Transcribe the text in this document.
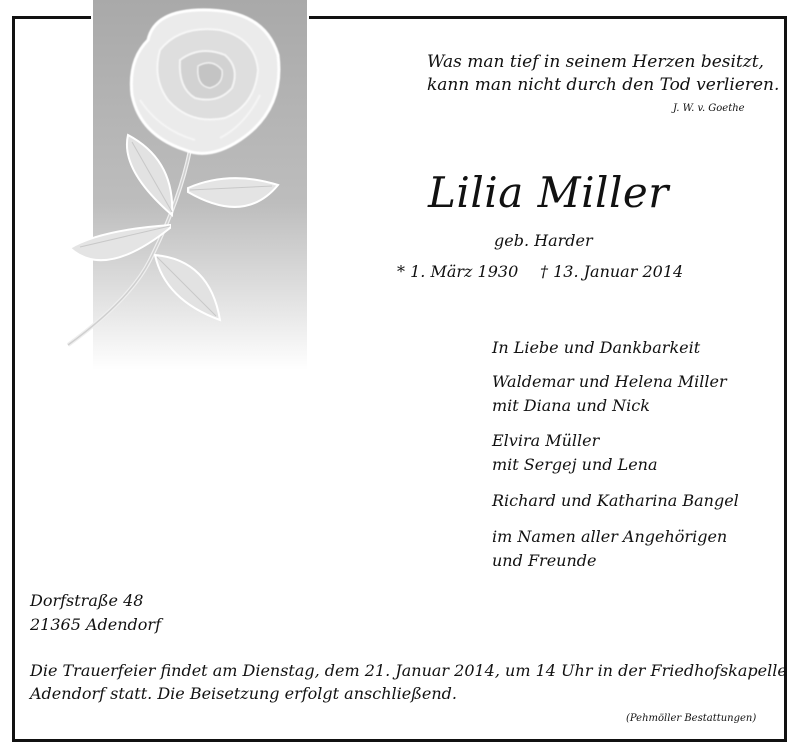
Was man tief in seinem Herzen besitzt,
kann man nicht durch den Tod verlieren.
J. W. v. Goethe
Lilia Miller
geb. Harder
* 1. März 1930 † 13. Januar 2014
In Liebe und Dankbarkeit
Waldemar und Helena Miller
mit Diana und Nick
Elvira Müller
mit Sergej und Lena
Richard und Katharina Bangel
im Namen aller Angehörigen
und Freunde
Dorfstraße 48
21365 Adendorf
Die Trauerfeier findet am Dienstag, dem 21. Januar 2014, um 14 Uhr in der Friedhofskapelle
Adendorf statt. Die Beisetzung erfolgt anschließend.
(Pehmöller Bestattungen)
